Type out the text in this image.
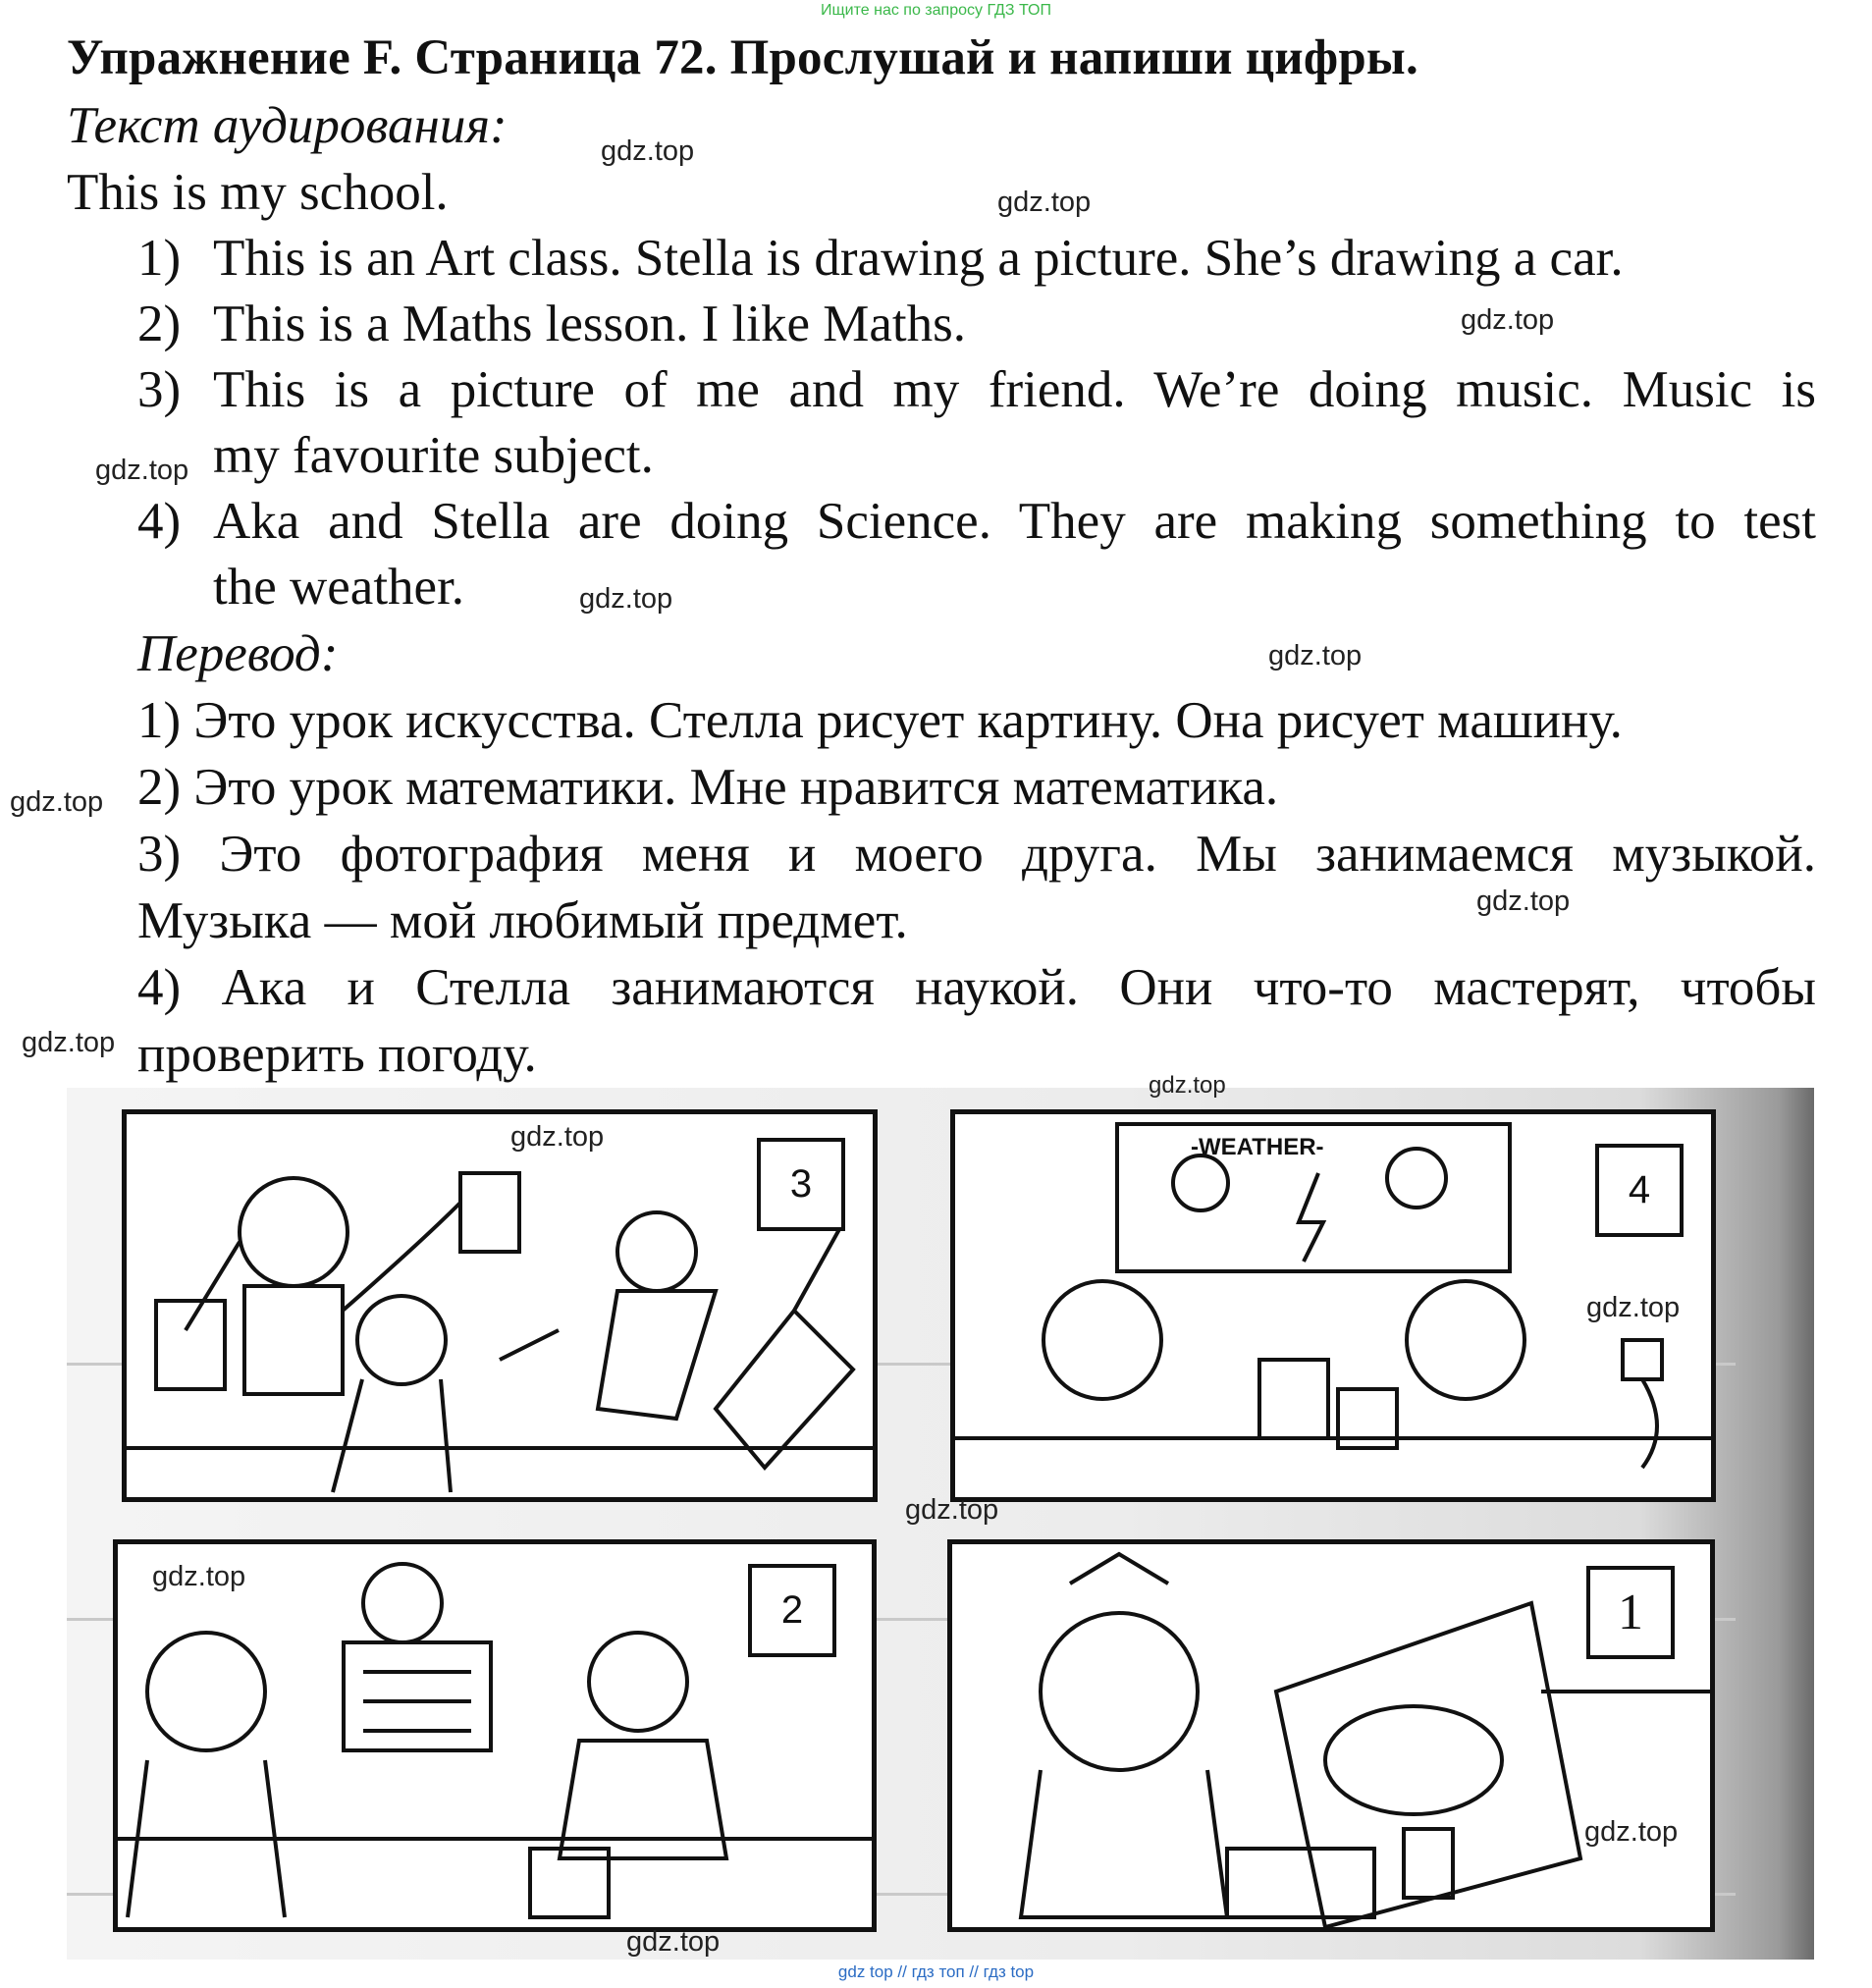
Ищите нас по запросу ГДЗ ТОП
Упражнение F. Страница 72. Прослушай и напиши цифры.
Текст аудирования:
This is my school.
1) This is an Art class. Stella is drawing a picture. She’s drawing a car.
2) This is a Maths lesson. I like Maths.
3) This is a picture of me and my friend. We’re doing music. Music is
my favourite subject.
4) Aka and Stella are doing Science. They are making something to test
the weather.
Перевод:
1) Это урок искусства. Стелла рисует картину. Она рисует машину.
2) Это урок математики. Мне нравится математика.
3) Это фотография меня и моего друга. Мы занимаемся музыкой.
Музыка — мой любимый предмет.
4) Ака и Стелла занимаются наукой. Они что-то мастерят, чтобы
проверить погоду.
3
-WEATHER-
4
2	1
gdz.top
gdz.top
gdz.top
gdz.top
gdz.top
gdz.top
gdz.top
gdz.top
gdz.top
gdz.top
gdz.top
gdz.top
gdz.top
gdz.top
gdz.top
gdz.top
gdz top // гдз топ // гдз top
